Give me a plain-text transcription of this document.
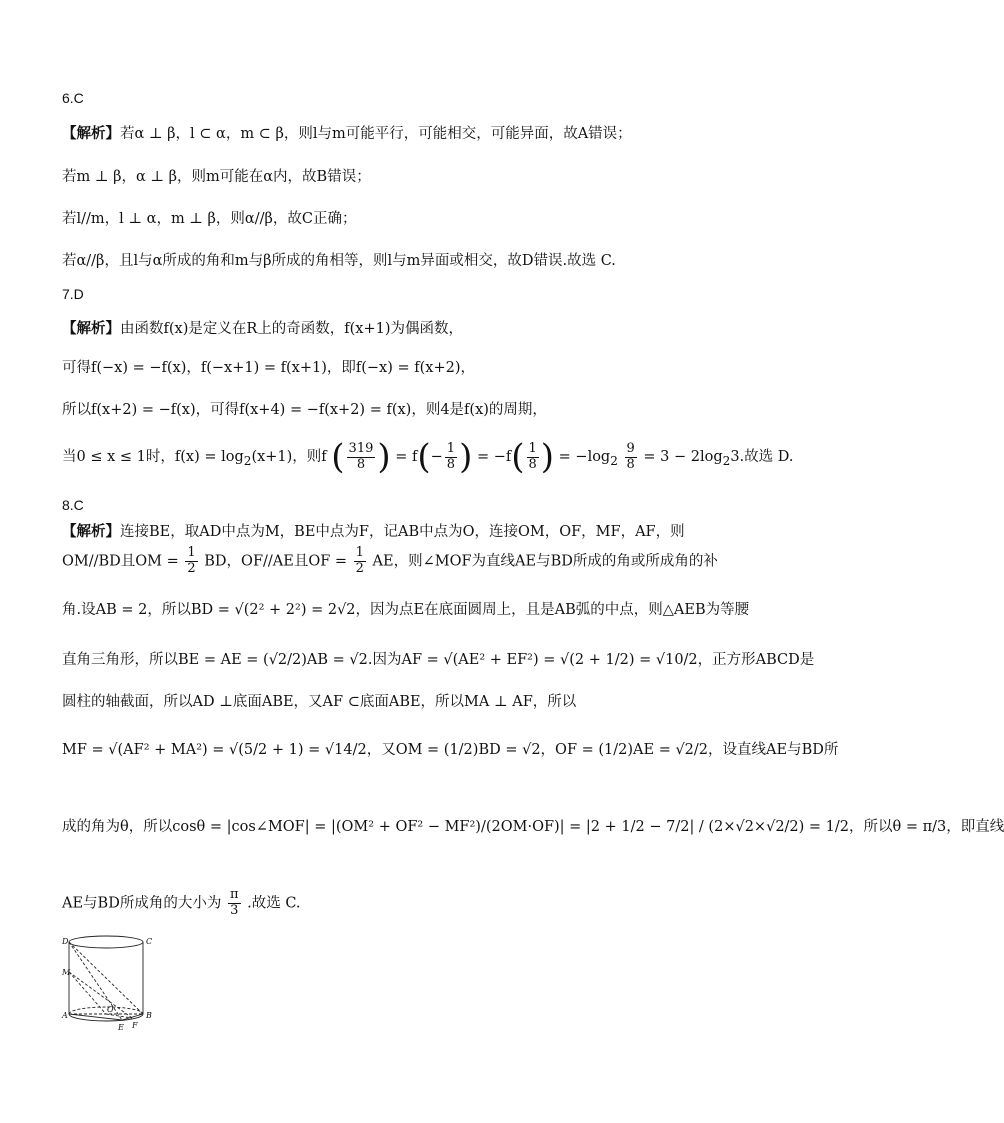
6.C
【解析】若α ⊥ β，l ⊂ α，m ⊂ β，则l与m可能平行，可能相交，可能异面，故A错误；
若m ⊥ β，α ⊥ β，则m可能在α内，故B错误；
若l//m，l ⊥ α，m ⊥ β，则α//β，故C正确；
若α//β，且l与α所成的角和m与β所成的角相等，则l与m异面或相交，故D错误.故选 C.
7.D
【解析】由函数f(x)是定义在R上的奇函数，f(x+1)为偶函数，
可得f(−x) = −f(x)，f(−x+1) = f(x+1)，即f(−x) = f(x+2)，
所以f(x+2) = −f(x)，可得f(x+4) = −f(x+2) = f(x)，则4是f(x)的周期，
当0 ≤ x ≤ 1时，$f(x) = \log_2(x+1)$，则f ( $\frac{319}{8}$ ) = $f(- \frac{1}{8}$ ) = $-f( \frac{1}{8}$ ) = $-\log_2 \frac{9}{8} = 3 - 2\log_23$.故选 D.
8.C
【解析】连接BE，取AD中点为M，BE中点为F，记AB中点为O，连接OM，OF，MF，AF，则
OM//BD且OM = $\frac{1}{2}$ BD，OF//AE且OF = $\frac{1}{2}$ AE，则∠MOF为直线AE与BD所成的角或所成角的补
角.设AB = 2，所以BD = √(2² + 2²) = 2√2，因为点E在底面圆周上，且是AB弧的中点，则△AEB为等腰
直角三角形，所以BE = AE = (√2/2)AB = √2.因为AF = √(AE² + EF²) = √(2 + 1/2) = √10/2，正方形ABCD是
圆柱的轴截面，所以AD ⊥底面ABE，又AF ⊂底面ABE，所以MA ⊥ AF，所以
MF = √(AF² + MA²) = √(5/2 + 1) = √14/2，又OM = (1/2)BD = √2，OF = (1/2)AE = √2/2，设直线AE与BD所
成的角为θ，所以cosθ = |cos∠MOF| = |(OM² + OF² − MF²)/(2OM·OF)| = |2 + 1/2 − 7/2| / (2×√2×√2/2) = 1/2，所以θ = π/3，即直线
AE与BD所成角的大小为 $\frac{\pi}{3}$ .故选 C.
D	C
M
A	B
O
E F
